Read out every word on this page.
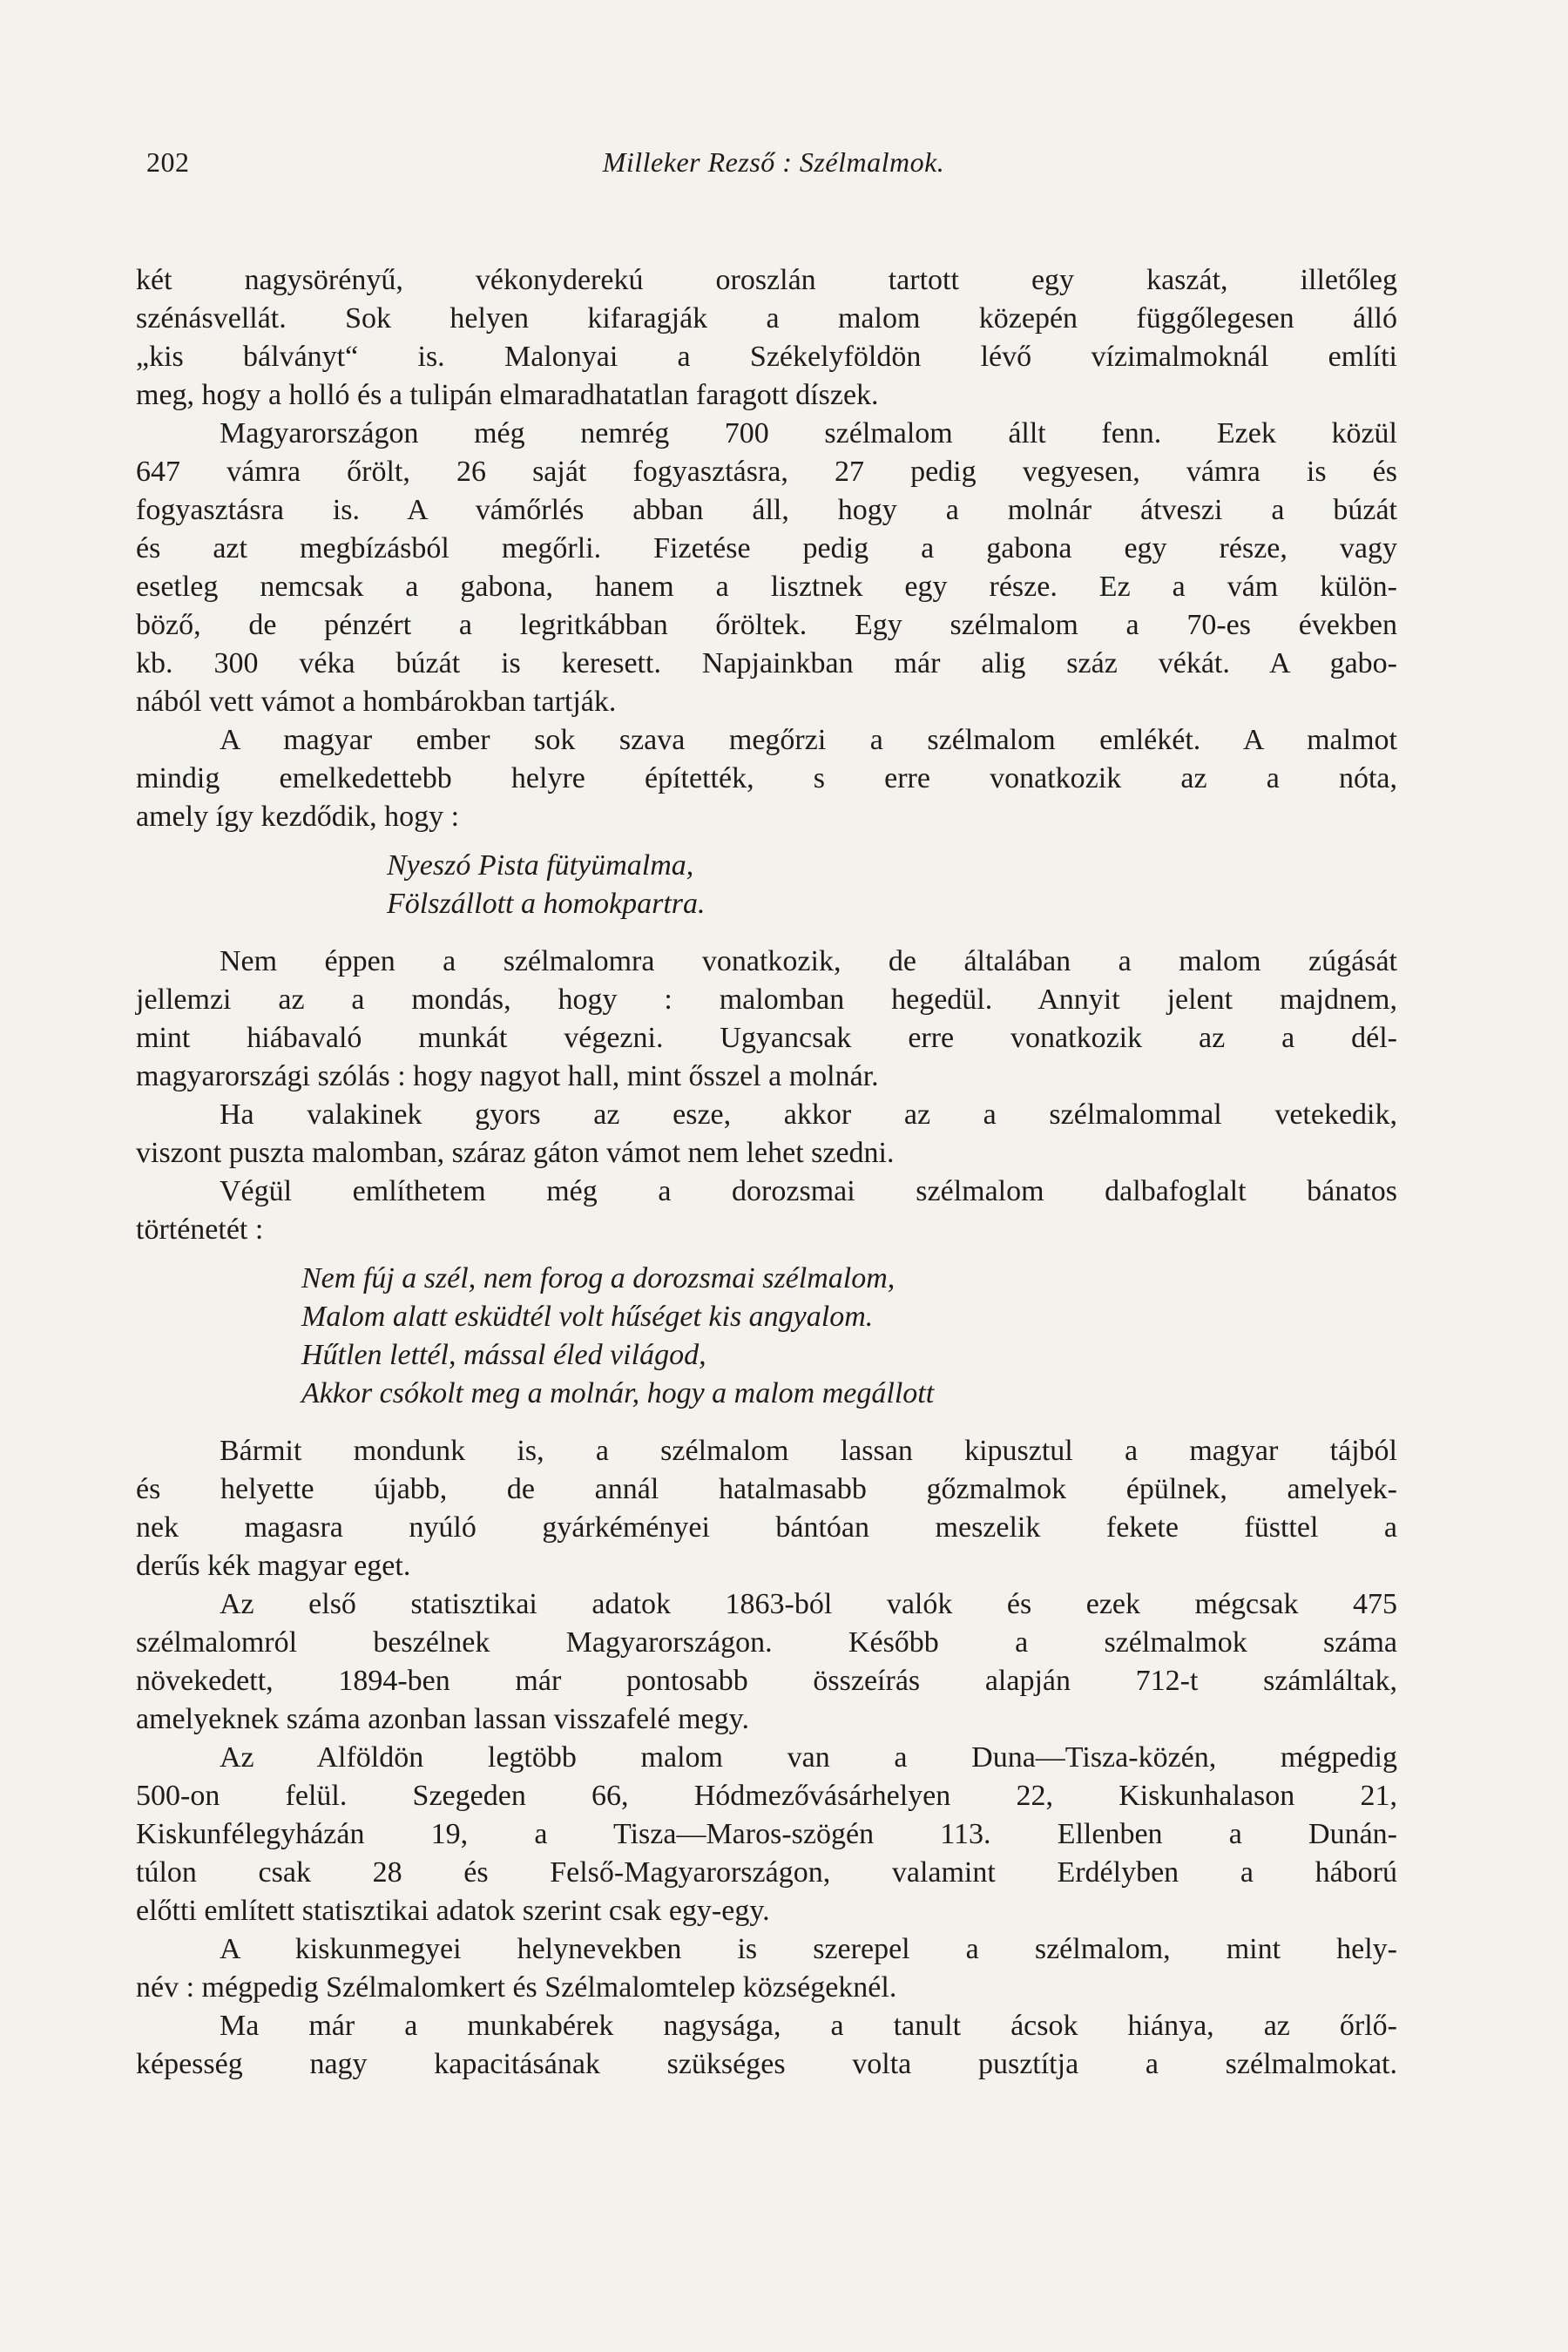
202	Milleker Rezső : Szélmalmok.
két nagysörényű, vékonyderekú oroszlán tartott egy kaszát, illetőleg
szénásvellát. Sok helyen kifaragják a malom közepén függőlegesen álló
„kis bálványt“ is. Malonyai a Székelyföldön lévő vízimalmoknál említi
meg, hogy a holló és a tulipán elmaradhatatlan faragott díszek.
Magyarországon még nemrég 700 szélmalom állt fenn. Ezek közül
647 vámra őrölt, 26 saját fogyasztásra, 27 pedig vegyesen, vámra is és
fogyasztásra is. A vámőrlés abban áll, hogy a molnár átveszi a búzát
és azt megbízásból megőrli. Fizetése pedig a gabona egy része, vagy
esetleg nemcsak a gabona, hanem a lisztnek egy része. Ez a vám külön-
böző, de pénzért a legritkábban őröltek. Egy szélmalom a 70-es években
kb. 300 véka búzát is keresett. Napjainkban már alig száz vékát. A gabo-
nából vett vámot a hombárokban tartják.
A magyar ember sok szava megőrzi a szélmalom emlékét. A malmot
mindig emelkedettebb helyre építették, s erre vonatkozik az a nóta,
amely így kezdődik, hogy :
Nyeszó Pista fütyümalma,
Fölszállott a homokpartra.
Nem éppen a szélmalomra vonatkozik, de általában a malom zúgását
jellemzi az a mondás, hogy : malomban hegedül. Annyit jelent majdnem,
mint hiábavaló munkát végezni. Ugyancsak erre vonatkozik az a dél-
magyarországi szólás : hogy nagyot hall, mint ősszel a molnár.
Ha valakinek gyors az esze, akkor az a szélmalommal vetekedik,
viszont puszta malomban, száraz gáton vámot nem lehet szedni.
Végül említhetem még a dorozsmai szélmalom dalbafoglalt bánatos
történetét :
Nem fúj a szél, nem forog a dorozsmai szélmalom,
Malom alatt esküdtél volt hűséget kis angyalom.
Hűtlen lettél, mással éled világod,
Akkor csókolt meg a molnár, hogy a malom megállott
Bármit mondunk is, a szélmalom lassan kipusztul a magyar tájból
és helyette újabb, de annál hatalmasabb gőzmalmok épülnek, amelyek-
nek magasra nyúló gyárkéményei bántóan meszelik fekete füsttel a
derűs kék magyar eget.
Az első statisztikai adatok 1863-ból valók és ezek mégcsak 475
szélmalomról beszélnek Magyarországon. Később a szélmalmok száma
növekedett, 1894-ben már pontosabb összeírás alapján 712-t számláltak,
amelyeknek száma azonban lassan visszafelé megy.
Az Alföldön legtöbb malom van a Duna—Tisza-közén, mégpedig
500-on felül. Szegeden 66, Hódmezővásárhelyen 22, Kiskunhalason 21,
Kiskunfélegyházán 19, a Tisza—Maros-szögén 113. Ellenben a Dunán-
túlon csak 28 és Felső-Magyarországon, valamint Erdélyben a háború
előtti említett statisztikai adatok szerint csak egy-egy.
A kiskunmegyei helynevekben is szerepel a szélmalom, mint hely-
név : mégpedig Szélmalomkert és Szélmalomtelep községeknél.
Ma már a munkabérek nagysága, a tanult ácsok hiánya, az őrlő-
képesség nagy kapacitásának szükséges volta pusztítja a szélmalmokat.
